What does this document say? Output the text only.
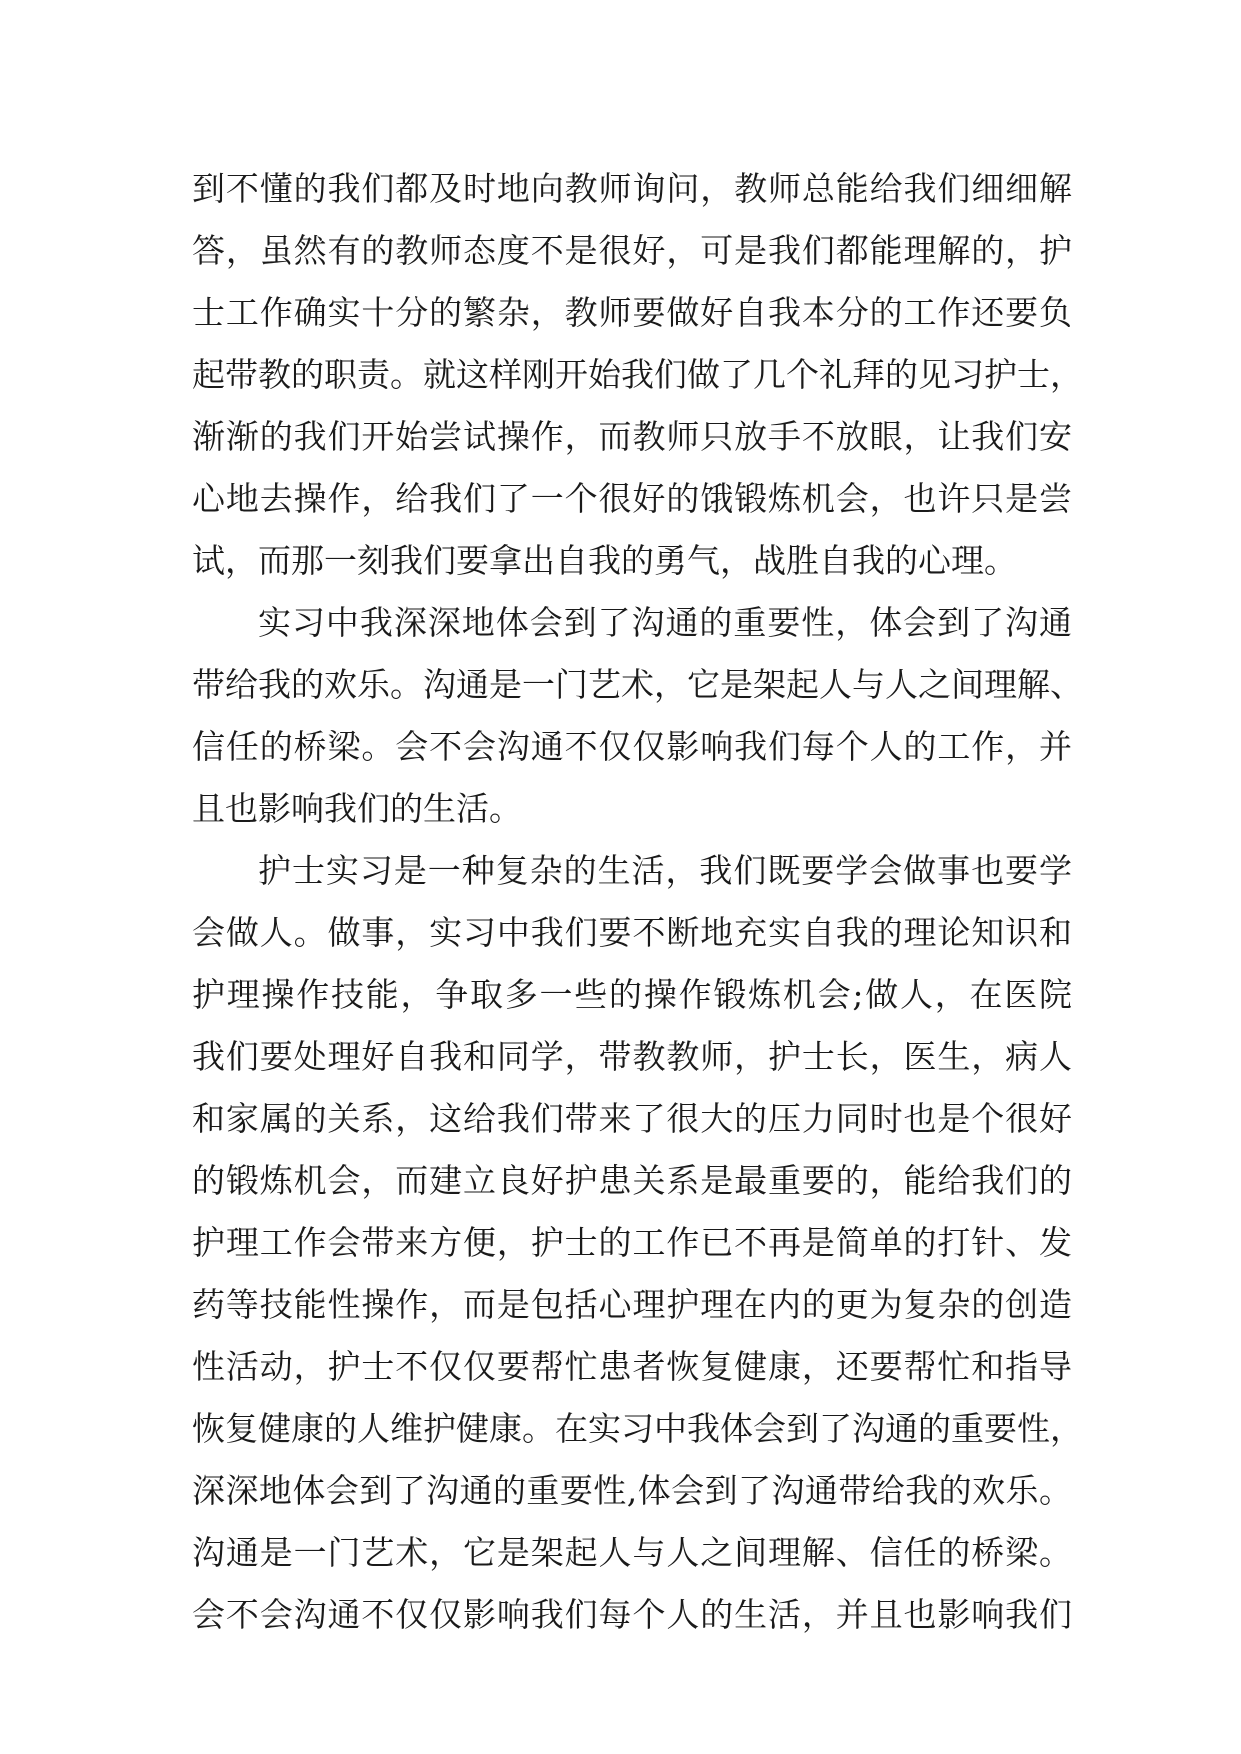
到不懂的我们都及时地向教师询问，教师总能给我们细细解
答，虽然有的教师态度不是很好，可是我们都能理解的，护
士工作确实十分的繁杂，教师要做好自我本分的工作还要负
起带教的职责。就这样刚开始我们做了几个礼拜的见习护士，
渐渐的我们开始尝试操作，而教师只放手不放眼，让我们安
心地去操作，给我们了一个很好的饿锻炼机会，也许只是尝
试，而那一刻我们要拿出自我的勇气，战胜自我的心理。
实习中我深深地体会到了沟通的重要性，体会到了沟通
带给我的欢乐。沟通是一门艺术，它是架起人与人之间理解、
信任的桥梁。会不会沟通不仅仅影响我们每个人的工作，并
且也影响我们的生活。
护士实习是一种复杂的生活，我们既要学会做事也要学
会做人。做事，实习中我们要不断地充实自我的理论知识和
护理操作技能，争取多一些的操作锻炼机会;做人，在医院
我们要处理好自我和同学，带教教师，护士长，医生，病人
和家属的关系，这给我们带来了很大的压力同时也是个很好
的锻炼机会，而建立良好护患关系是最重要的，能给我们的
护理工作会带来方便，护士的工作已不再是简单的打针、发
药等技能性操作，而是包括心理护理在内的更为复杂的创造
性活动，护士不仅仅要帮忙患者恢复健康，还要帮忙和指导
恢复健康的人维护健康。在实习中我体会到了沟通的重要性，
深深地体会到了沟通的重要性,体会到了沟通带给我的欢乐。
沟通是一门艺术，它是架起人与人之间理解、信任的桥梁。
会不会沟通不仅仅影响我们每个人的生活，并且也影响我们
